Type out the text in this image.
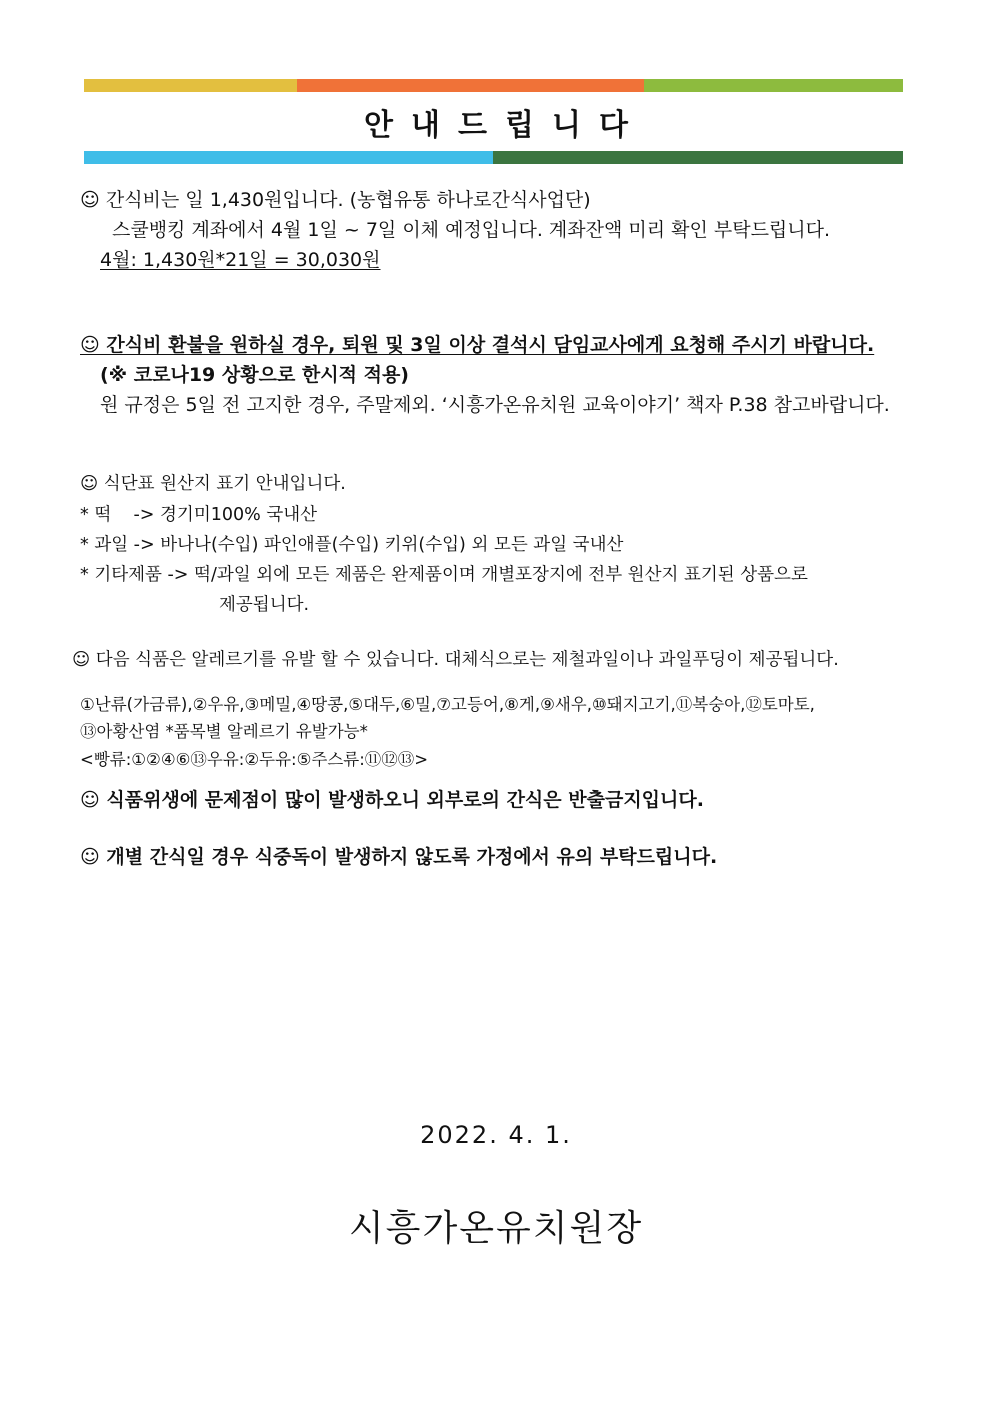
안내드립니다
☺ 간식비는 일 1,430원입니다. (농협유통 하나로간식사업단)
스쿨뱅킹 계좌에서 4월 1일 ~ 7일 이체 예정입니다. 계좌잔액 미리 확인 부탁드립니다.
4월: 1,430원*21일 = 30,030원
☺ 간식비 환불을 원하실 경우, 퇴원 및 3일 이상 결석시 담임교사에게 요청해 주시기 바랍니다.
(※ 코로나19 상황으로 한시적 적용)
원 규정은 5일 전 고지한 경우, 주말제외. ‘시흥가온유치원 교육이야기’ 책자 P.38 참고바랍니다.
☺ 식단표 원산지 표기 안내입니다.
* 떡    -> 경기미100% 국내산
* 과일 -> 바나나(수입) 파인애플(수입) 키위(수입) 외 모든 과일 국내산
* 기타제품 -> 떡/과일 외에 모든 제품은 완제품이며 개별포장지에 전부 원산지 표기된 상품으로
제공됩니다.
☺ 다음 식품은 알레르기를 유발 할 수 있습니다. 대체식으로는 제철과일이나 과일푸딩이 제공됩니다.
①난류(가금류),②우유,③메밀,④땅콩,⑤대두,⑥밀,⑦고등어,⑧게,⑨새우,⑩돼지고기,⑪복숭아,⑫토마토,
⑬아황산염 *품목별 알레르기 유발가능*
<빵류:①②④⑥⑬우유:②두유:⑤주스류:⑪⑫⑬>
☺ 식품위생에 문제점이 많이 발생하오니 외부로의 간식은 반출금지입니다.
☺ 개별 간식일 경우 식중독이 발생하지 않도록 가정에서 유의 부탁드립니다.
2022. 4. 1.
시흥가온유치원장
